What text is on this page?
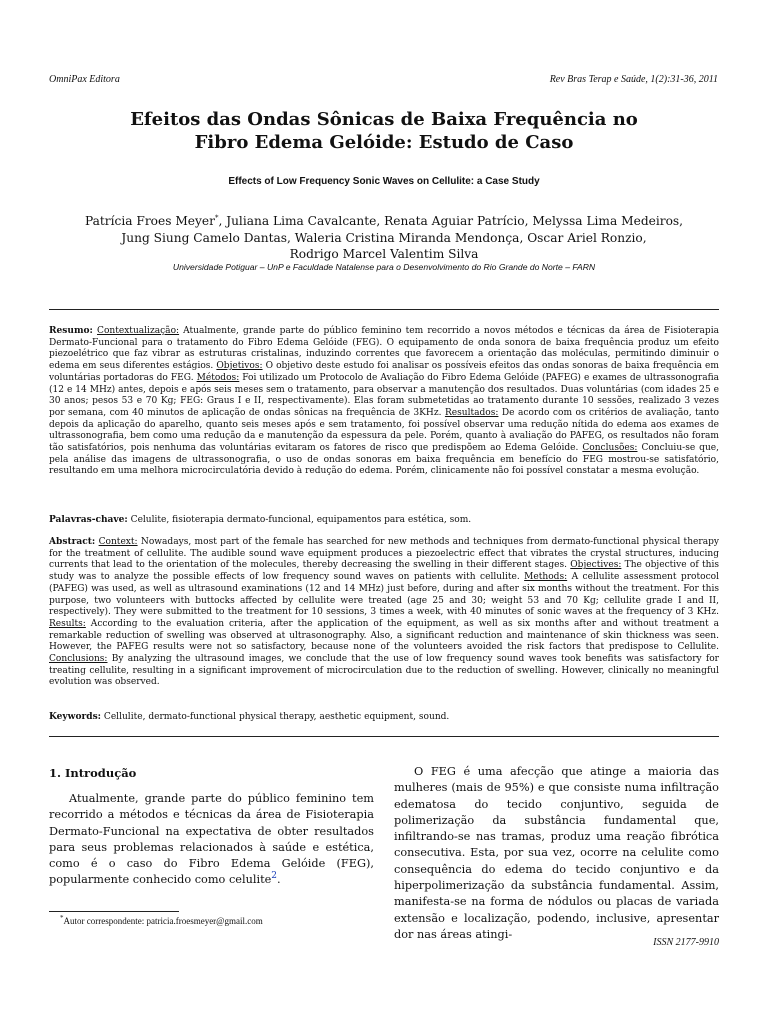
OmniPax Editora	Rev Bras Terap e Saúde, 1(2):31-36, 2011
Efeitos das Ondas Sônicas de Baixa Frequência no
Fibro Edema Gelóide: Estudo de Caso
Effects of Low Frequency Sonic Waves on Cellulite: a Case Study
Patrícia Froes Meyer*, Juliana Lima Cavalcante, Renata Aguiar Patrício, Melyssa Lima Medeiros,
Jung Siung Camelo Dantas, Waleria Cristina Miranda Mendonça, Oscar Ariel Ronzio,
Rodrigo Marcel Valentim Silva
Universidade Potiguar – UnP e Faculdade Natalense para o Desenvolvimento do Rio Grande do Norte – FARN
Resumo: Contextualização: Atualmente, grande parte do público feminino tem recorrido a novos métodos e técnicas da área de Fisioterapia Dermato-Funcional para o tratamento do Fibro Edema Gelóide (FEG). O equipamento de onda sonora de baixa frequência produz um efeito piezoelétrico que faz vibrar as estruturas cristalinas, induzindo correntes que favorecem a orientação das moléculas, permitindo diminuir o edema em seus diferentes estágios. Objetivos: O objetivo deste estudo foi analisar os possíveis efeitos das ondas sonoras de baixa frequência em voluntárias portadoras do FEG. Métodos: Foi utilizado um Protocolo de Avaliação do Fibro Edema Gelóide (PAFEG) e exames de ultrassonografia (12 e 14 MHz) antes, depois e após seis meses sem o tratamento, para observar a manutenção dos resultados. Duas voluntárias (com idades 25 e 30 anos; pesos 53 e 70 Kg; FEG: Graus I e II, respectivamente). Elas foram submetetidas ao tratamento durante 10 sessões, realizado 3 vezes por semana, com 40 minutos de aplicação de ondas sônicas na frequência de 3KHz. Resultados: De acordo com os critérios de avaliação, tanto depois da aplicação do aparelho, quanto seis meses após e sem tratamento, foi possível observar uma redução nítida do edema aos exames de ultrassonografia, bem como uma redução da e manutenção da espessura da pele. Porém, quanto à avaliação do PAFEG, os resultados não foram tão satisfatórios, pois nenhuma das voluntárias evitaram os fatores de risco que predispõem ao Edema Gelóide. Conclusões: Concluiu-se que, pela análise das imagens de ultrassonografia, o uso de ondas sonoras em baixa frequência em benefício do FEG mostrou-se satisfatório, resultando em uma melhora microcirculatória devido à redução do edema. Porém, clinicamente não foi possível constatar a mesma evolução.
Palavras-chave: Celulite, fisioterapia dermato-funcional, equipamentos para estética, som.
Abstract: Context: Nowadays, most part of the female has searched for new methods and techniques from dermato-functional physical therapy for the treatment of cellulite. The audible sound wave equipment produces a piezoelectric effect that vibrates the crystal structures, inducing currents that lead to the orientation of the molecules, thereby decreasing the swelling in their different stages. Objectives: The objective of this study was to analyze the possible effects of low frequency sound waves on patients with cellulite. Methods: A cellulite assessment protocol (PAFEG) was used, as well as ultrasound examinations (12 and 14 MHz) just before, during and after six months without the treatment. For this purpose, two volunteers with buttocks affected by cellulite were treated (age 25 and 30; weight 53 and 70 Kg; cellulite grade I and II, respectively). They were submitted to the treatment for 10 sessions, 3 times a week, with 40 minutes of sonic waves at the frequency of 3 KHz. Results: According to the evaluation criteria, after the application of the equipment, as well as six months after and without treatment a remarkable reduction of swelling was observed at ultrasonography. Also, a significant reduction and maintenance of skin thickness was seen. However, the PAFEG results were not so satisfactory, because none of the volunteers avoided the risk factors that predispose to Cellulite. Conclusions: By analyzing the ultrasound images, we conclude that the use of low frequency sound waves took benefits was satisfactory for treating cellulite, resulting in a significant improvement of microcirculation due to the reduction of swelling. However, clinically no meaningful evolution was observed.
Keywords: Cellulite, dermato-functional physical therapy, aesthetic equipment, sound.
1. Introdução
Atualmente, grande parte do público feminino tem recorrido a métodos e técnicas da área de Fisioterapia Dermato-Funcional na expectativa de obter resultados para seus problemas relacionados à saúde e estética, como é o caso do Fibro Edema Gelóide (FEG), popularmente conhecido como celulite$^2$.
O FEG é uma afecção que atinge a maioria das mulheres (mais de 95%) e que consiste numa infiltração edematosa do tecido conjuntivo, seguida de polimerização da substância fundamental que, infiltrando-se nas tramas, produz uma reação fibrótica consecutiva. Esta, por sua vez, ocorre na celulite como consequência do edema do tecido conjuntivo e da hiperpolimerização da substância fundamental. Assim, manifesta-se na forma de nódulos ou placas de variada extensão e localização, podendo, inclusive, apresentar dor nas áreas atingi-
*Autor correspondente: patricia.froesmeyer@gmail.com
ISSN 2177-9910
